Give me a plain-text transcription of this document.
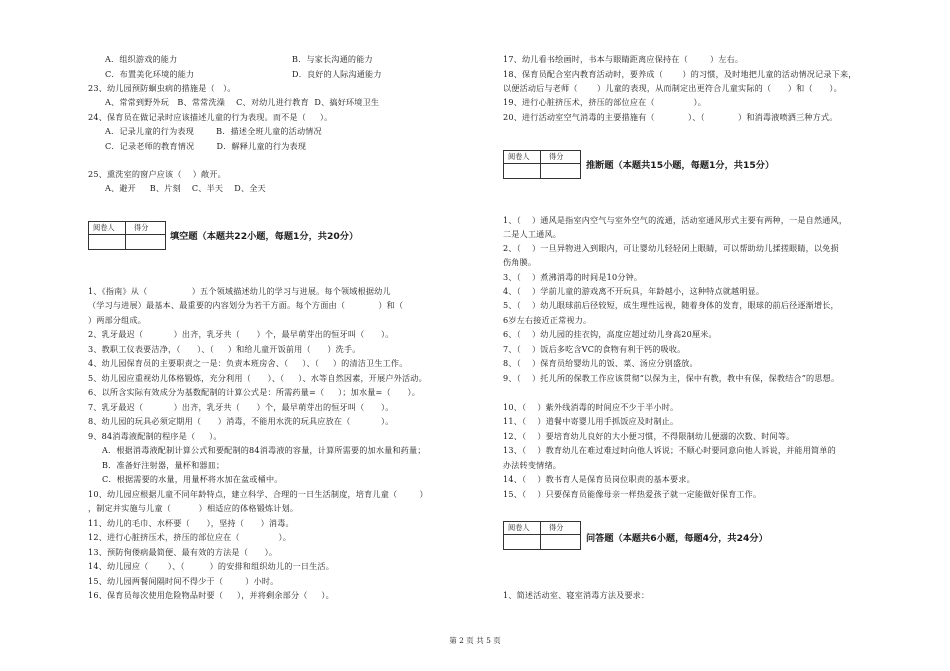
第 2 页 共 5 页
A．组织游戏的能力	B．与家长沟通的能力
C．布置美化环境的能力	D．良好的人际沟通能力
23、幼儿园预防蛔虫病的措施是（   ）。
A、常常到野外玩   B、常常洗澡    C、对幼儿进行教育  D、搞好环境卫生
24、保育员在做记录时应该描述儿童的行为表现。而不是（     ）。
A．记录儿童的行为表现        B．描述全班儿童的活动情况
C．记录老师的教育情况        D．解释儿童的行为表现
25、熏洗室的窗户应该（    ）敞开。
A、避开     B、片刻    C、半天    D、全天
1、《指南》从（                ）五个领域描述幼儿的学习与进展。每个领域根据幼儿
（学习与进展）最基本、最重要的内容划分为若干方面。每个方面由（            ）和（
）两部分组成。
2、乳牙最迟（           ）出齐，乳牙共（      ）个，最早萌芽出的恒牙叫（      ）。
3、教职工仪表要洁净，（      ）、（     ）和给儿童开饭前用（      ）洗手。
4、幼儿园保育员的主要职责之一是：负责本班房舍、（     ）、（     ）的清洁卫生工作。
5、幼儿园应重视幼儿体格锻炼，充分利用（      ）、（     ）、水等自然因素，开展户外活动。
6、以所含实际有效成分为基数配制的计算公式是：所需药量=（     ）；加水量=（      ）。
7、乳牙最迟（           ）出齐，乳牙共（      ）个，最早萌芽出的恒牙叫（      ）。
8、幼儿园的玩具必须定期用（      ）消毒，不能用水洗的玩具应放在（           ）。
9、84消毒液配制的程序是（     ）。
A．根据消毒液配制计算公式和要配制的84消毒液的容量，计算所需要的加水量和药量；
B．准备好注射器，量杯和器皿；
C．根据需要的水量，用量杯将水加在盆或桶中。
10、幼儿园应根据儿童不同年龄特点，建立科学、合理的一日生活制度，培育儿童（        ）
，制定并实施与儿童（          ）相适应的体格锻炼计划。
11、幼儿的毛巾、水杯要（      ），坚持（      ）消毒。
12、进行心脏挤压术，挤压的部位应在（              ）。
13、预防佝偻病最简便、最有效的方法是（      ）。
14、幼儿园应（       ）、（         ）的安排和组织幼儿的一日生活。
15、幼儿园两餐间隔时间不得少于（        ）小时。
16、保育员每次使用危险物品时要（     ），并将剩余部分（     ）。
17、幼儿看书绘画时，书本与眼睛距离应保持在（        ）左右。
18、保育员配合室内教育活动时，要养成（       ）的习惯，及时地把儿童的活动情况记录下来，
以便活动后与老师（       ）儿童的表现，从而制定出更符合儿童实际的（      ）和（      ）。
19、进行心脏挤压术，挤压的部位应在（              ）。
20、进行活动室空气消毒的主要措施有（            ）、（            ）和消毒液喷洒三种方式。
1、（    ）通风是指室内空气与室外空气的流通，活动室通风形式主要有两种，一是自然通风，
二是人工通风。
2、（    ）一旦异物进入到眼内，可让婴幼儿轻轻闭上眼睛，可以帮助幼儿揉搓眼睛，以免损
伤角膜。
3、（    ）煮沸消毒的时间是10分钟。
4、（    ）学前儿童的游戏离不开玩具，年龄越小，这种特点就越明显。
5、（    ）幼儿眼球前后径较短，成生理性远视，随着身体的发育，眼球的前后径逐渐增长，
6岁左右接近正常视力。
6、（    ）幼儿园的挂衣钩，高度应超过幼儿身高20厘米。
7、（    ）饭后多吃含VC的食物有利于钙的吸收。
8、（    ）保育员给婴幼儿的饭、菜、汤应分别盛放。
9、（    ）托儿所的保教工作应该贯彻“以保为主，保中有教，教中有保，保教结合”的思想。
10、（    ）紫外线消毒的时间应不少于半小时。
11、（    ）道餐中寄婴儿用手抓饭应及时制止。
12、（    ）要培育幼儿良好的大小便习惯，不得限制幼儿便溺的次数、时间等。
13、（    ）教育幼儿在难过难过时向他人诉说；不顺心时要同意向他人诉说，并能用简单的
办法转变情绪。
14、（    ）教书育人是保育员岗位职责的基本要求。
15、（    ）只要保育员能像母亲一样热爱孩子就一定能做好保育工作。
1、简述活动室、寝室消毒方法及要求：
阅卷人	得分
填空题（本题共22小题，每题1分，共20分）
阅卷人	得分
推断题（本题共15小题，每题1分，共15分）
阅卷人	得分
问答题（本题共6小题，每题4分，共24分）
